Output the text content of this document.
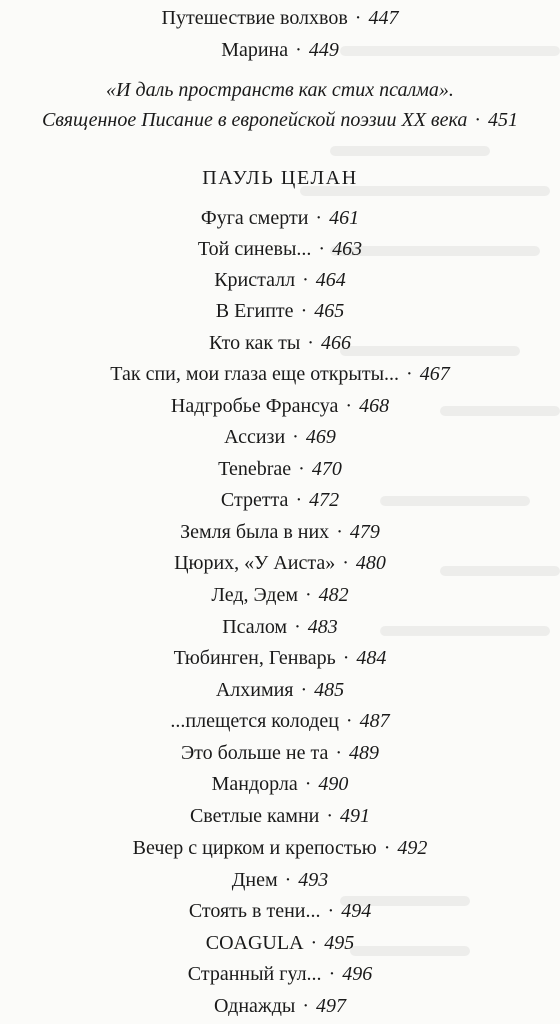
Путешествие волхвов · 447
Марина · 449
«И даль пространств как стих псалма».
Священное Писание в европейской поэзии XX века · 451
ПАУЛЬ ЦЕЛАН
Фуга смерти · 461
Той синевы... · 463
Кристалл · 464
В Египте · 465
Кто как ты · 466
Так спи, мои глаза еще открыты... · 467
Надгробье Франсуа · 468
Ассизи · 469
Tenebrae · 470
Стретта · 472
Земля была в них · 479
Цюрих, «У Аиста» · 480
Лед, Эдем · 482
Псалом · 483
Тюбинген, Генварь · 484
Алхимия · 485
...плещется колодец · 487
Это больше не та · 489
Мандорла · 490
Светлые камни · 491
Вечер с цирком и крепостью · 492
Днем · 493
Стоять в тени... · 494
COAGULA · 495
Странный гул... · 496
Однажды · 497
